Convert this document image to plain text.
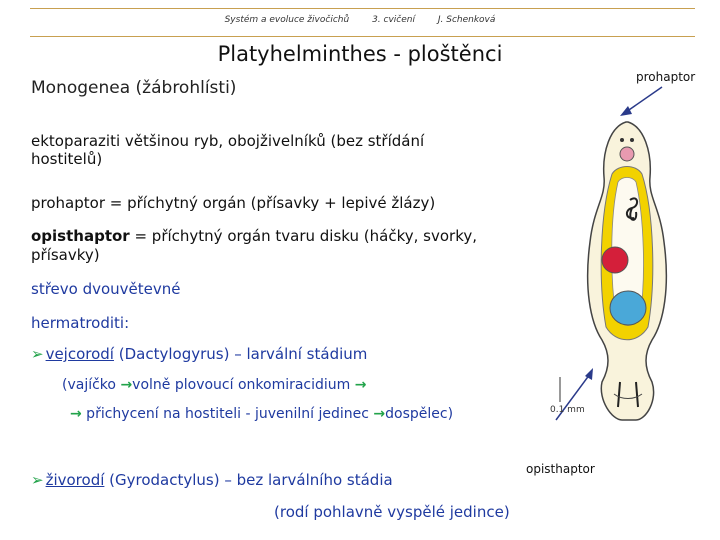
Systém a evoluce živočichů	3. cvičení	J. Schenková
Platyhelminthes - ploštěnci
Monogenea (žábrohlísti)
ektoparaziti většinou ryb, obojživelníků (bez střídání
hostitelů)
prohaptor = příchytný orgán (přísavky + lepivé žlázy)
opisthaptor = příchytný orgán tvaru disku (háčky, svorky,
přísavky)
střevo dvouvětevné
hermatroditi:
➢ vejcorodí (Dactylogyrus) – larvální stádium
(vajíčko →volně plovoucí onkomiracidium →
→ přichycení na hostiteli - juvenilní jedinec →dospělec)
➢ živorodí (Gyrodactylus) – bez larválního stádia
(rodí pohlavně vyspělé jedince)
prohaptor
opisthaptor
0.1 mm
